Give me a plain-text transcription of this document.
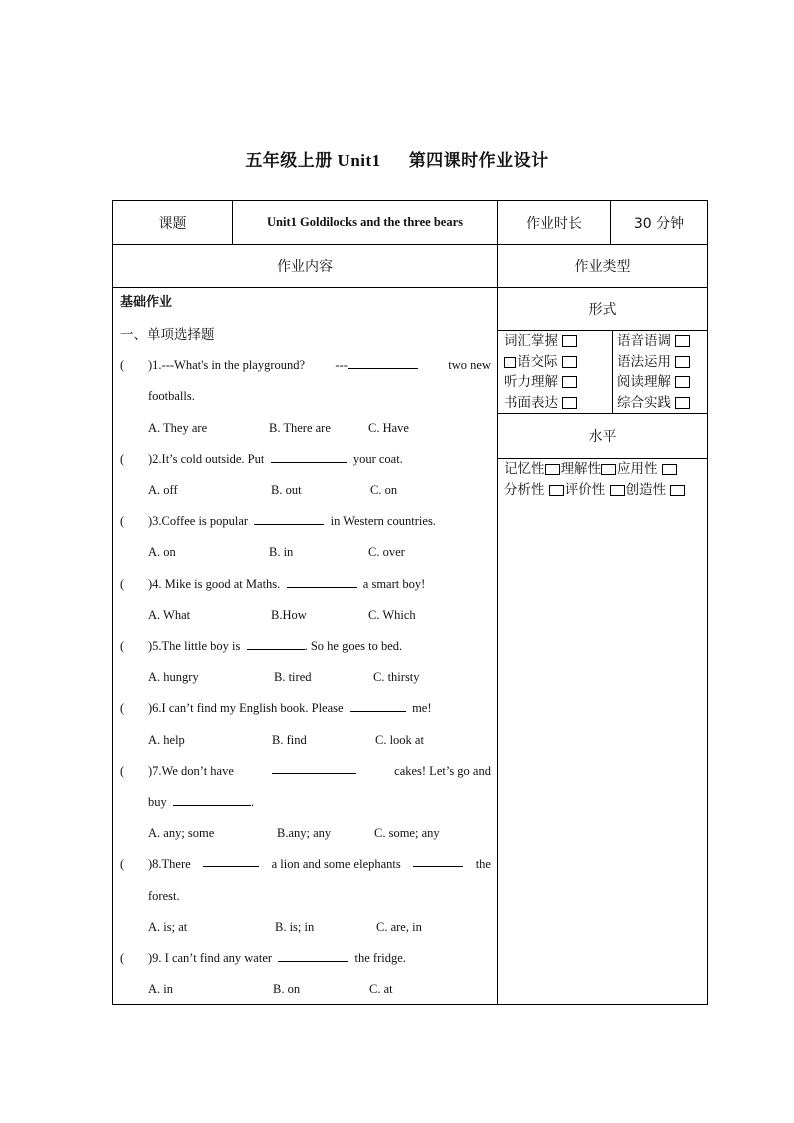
五年级上册 Unit1 第四课时作业设计
课题	Unit1 Goldilocks and the three bears	作业时长	30 分钟
作业内容	作业类型
基础作业
一、单项选择题
( )1.---What's in the playground? ---	two new
footballs.
A. They are	B. There are	C. Have
( )2.It’s cold outside. Put	your coat.
A. off	B. out	C. on
( )3.Coffee is popular	in Western countries.
A. on	B. in	C. over
( )4. Mike is good at Maths.	a smart boy!
A. What	B.How	C. Which
( )5.The little boy is	. So he goes to bed.
A. hungry	B. tired	C. thirsty
( )6.I can’t find my English book. Please	me!
A. help	B. find	C. look at
( )7.We don’t have	cakes! Let’s go and
buy	.
A. any; some	B.any; any	C. some; any
( )8.There	a lion and some elephants	the
forest.
A. is; at	B. is; in	C. are, in
( )9. I can’t find any water	the fridge.
A. in	B. on	C. at
形式
词汇掌握	语音语调
语交际	语法运用
听力理解	阅读理解
书面表达	综合实践
水平
记忆性 理解性 应用性
分析性 评价性 创造性
